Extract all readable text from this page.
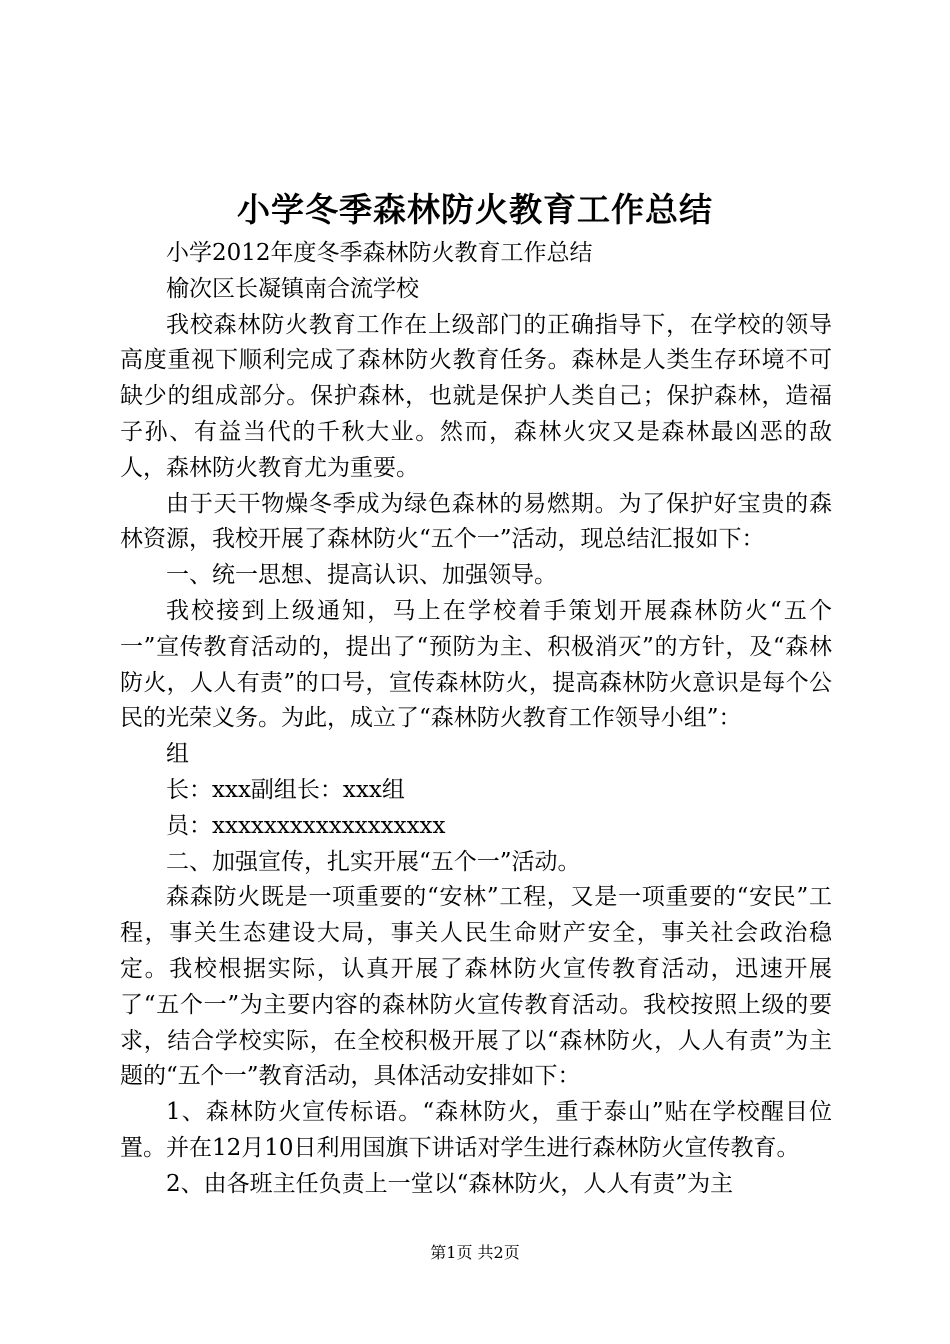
小学冬季森林防火教育工作总结

小学2012年度冬季森林防火教育工作总结

榆次区长凝镇南合流学校

我校森林防火教育工作在上级部门的正确指导下，在学校的领导高度重视下顺利完成了森林防火教育任务。森林是人类生存环境不可缺少的组成部分。保护森林，也就是保护人类自己；保护森林，造福子孙、有益当代的千秋大业。然而，森林火灾又是森林最凶恶的敌人，森林防火教育尤为重要。

由于天干物燥冬季成为绿色森林的易燃期。为了保护好宝贵的森林资源，我校开展了森林防火“五个一”活动，现总结汇报如下：

一、统一思想、提高认识、加强领导。

我校接到上级通知，马上在学校着手策划开展森林防火“五个一”宣传教育活动的，提出了“预防为主、积极消灭”的方针，及“森林防火，人人有责”的口号，宣传森林防火，提高森林防火意识是每个公民的光荣义务。为此，成立了“森林防火教育工作领导小组”：

组

长：xxx副组长：xxx组

员：xxxxxxxxxxxxxxxxxx

二、加强宣传，扎实开展“五个一”活动。

森森防火既是一项重要的“安林”工程，又是一项重要的“安民”工程，事关生态建设大局，事关人民生命财产安全，事关社会政治稳定。我校根据实际，认真开展了森林防火宣传教育活动，迅速开展了“五个一”为主要内容的森林防火宣传教育活动。我校按照上级的要求，结合学校实际，在全校积极开展了以“森林防火，人人有责”为主题的“五个一”教育活动，具体活动安排如下：

1、森林防火宣传标语。“森林防火，重于泰山”贴在学校醒目位置。并在12月10日利用国旗下讲话对学生进行森林防火宣传教育。

2、由各班主任负责上一堂以“森林防火，人人有责”为主

第1页 共2页
